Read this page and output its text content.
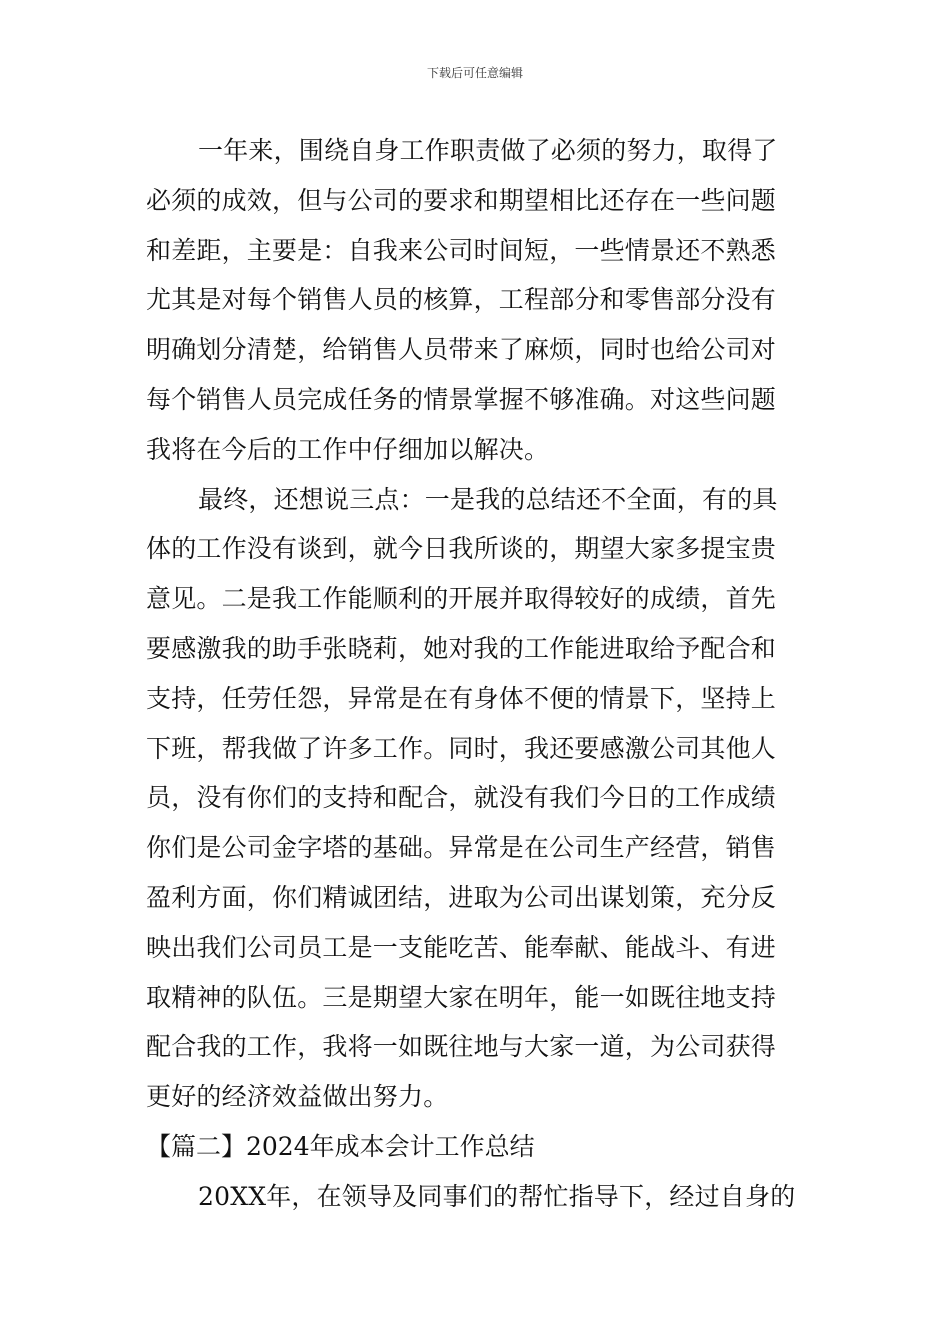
下载后可任意编辑
一年来，围绕自身工作职责做了必须的努力，取得了
必须的成效，但与公司的要求和期望相比还存在一些问题
和差距，主要是：自我来公司时间短，一些情景还不熟悉
尤其是对每个销售人员的核算，工程部分和零售部分没有
明确划分清楚，给销售人员带来了麻烦，同时也给公司对
每个销售人员完成任务的情景掌握不够准确。对这些问题
我将在今后的工作中仔细加以解决。
最终，还想说三点：一是我的总结还不全面，有的具
体的工作没有谈到，就今日我所谈的，期望大家多提宝贵
意见。二是我工作能顺利的开展并取得较好的成绩，首先
要感激我的助手张晓莉，她对我的工作能进取给予配合和
支持，任劳任怨，异常是在有身体不便的情景下，坚持上
下班，帮我做了许多工作。同时，我还要感激公司其他人
员，没有你们的支持和配合，就没有我们今日的工作成绩
你们是公司金字塔的基础。异常是在公司生产经营，销售
盈利方面，你们精诚团结，进取为公司出谋划策，充分反
映出我们公司员工是一支能吃苦、能奉献、能战斗、有进
取精神的队伍。三是期望大家在明年，能一如既往地支持
配合我的工作，我将一如既往地与大家一道，为公司获得
更好的经济效益做出努力。
【篇二】2024年成本会计工作总结
20XX年，在领导及同事们的帮忙指导下，经过自身的
